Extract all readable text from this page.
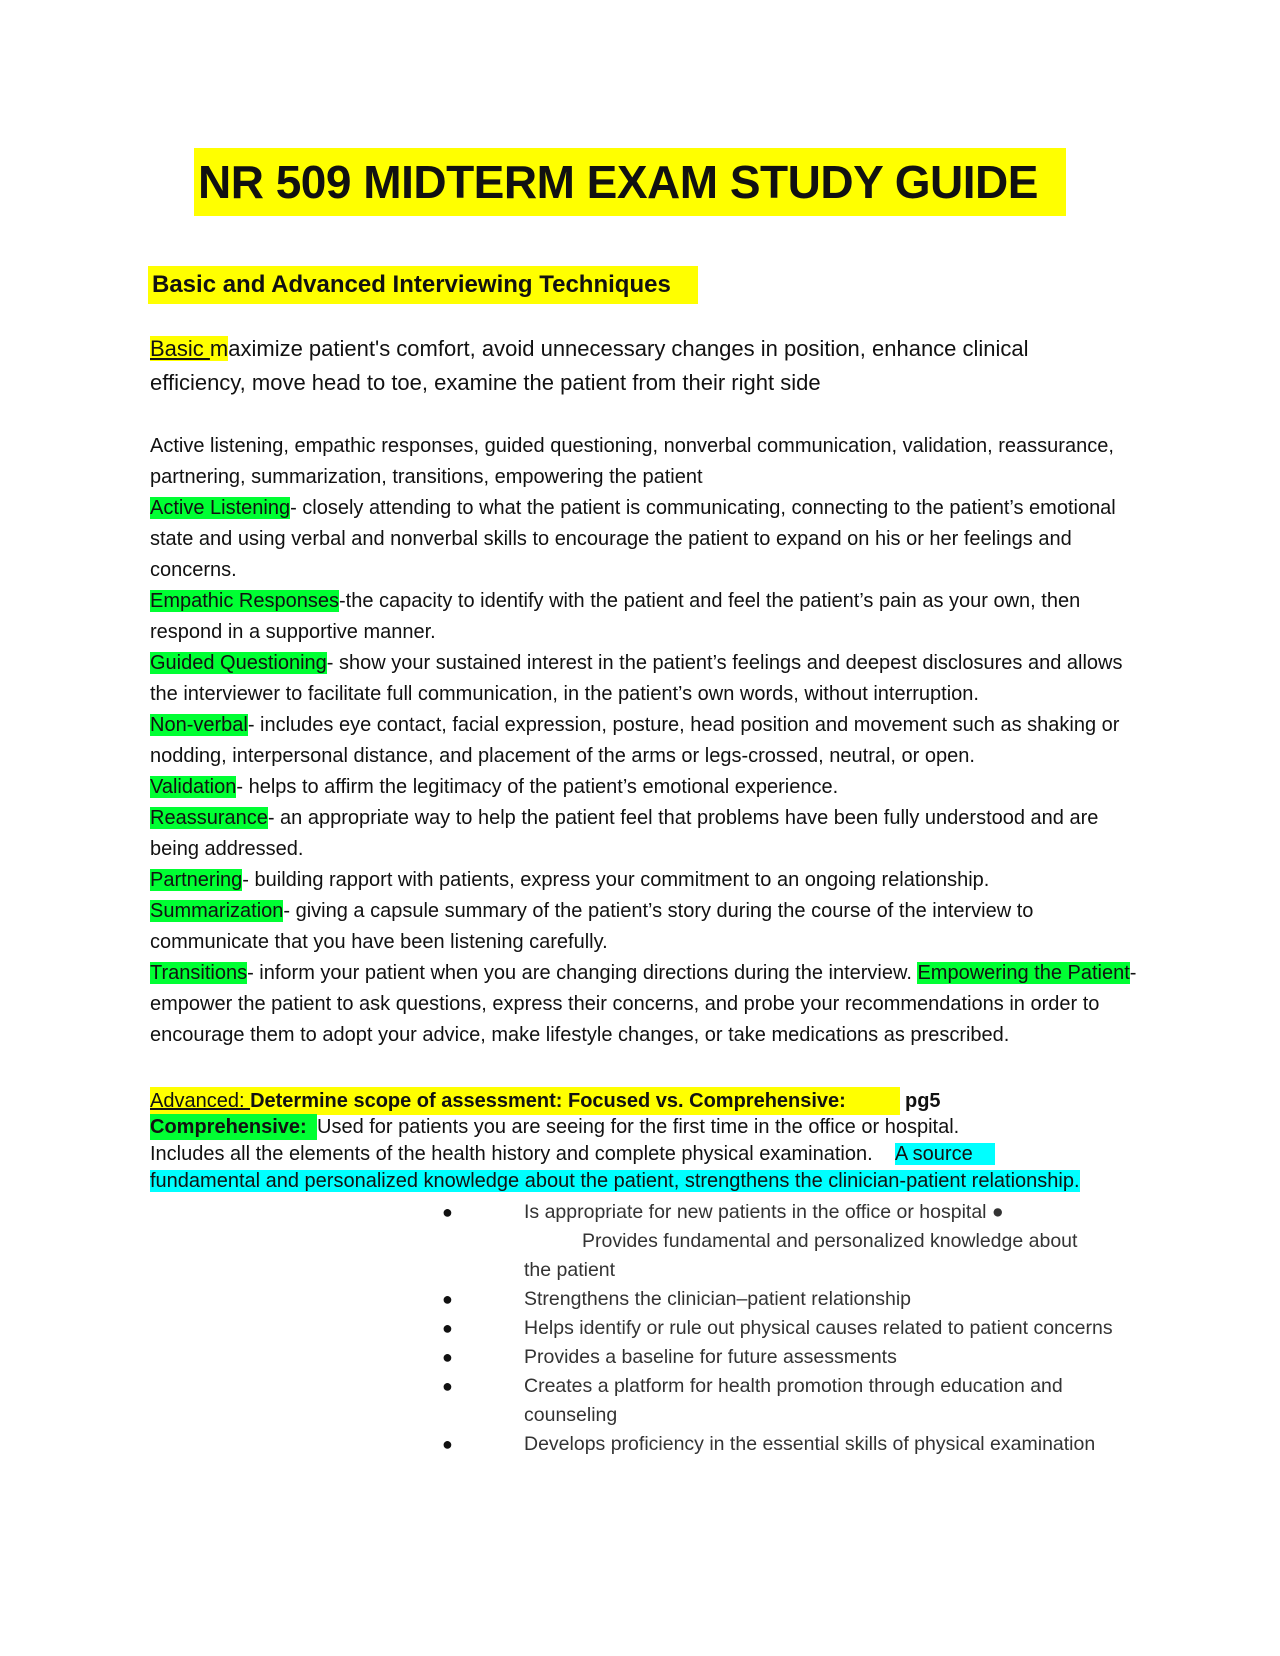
NR 509 MIDTERM EXAM STUDY GUIDE
Basic and Advanced Interviewing Techniques
Basic maximize patient's comfort, avoid unnecessary changes in position, enhance clinical efficiency, move head to toe, examine the patient from their right side

Active listening, empathic responses, guided questioning, nonverbal communication, validation, reassurance, partnering, summarization, transitions, empowering the patient

Active Listening- closely attending to what the patient is communicating, connecting to the patient’s emotional state and using verbal and nonverbal skills to encourage the patient to expand on his or her feelings and concerns.

Empathic Responses-the capacity to identify with the patient and feel the patient’s pain as your own, then respond in a supportive manner.

Guided Questioning- show your sustained interest in the patient’s feelings and deepest disclosures and allows the interviewer to facilitate full communication, in the patient’s own words, without interruption.

Non-verbal- includes eye contact, facial expression, posture, head position and movement such as shaking or nodding, interpersonal distance, and placement of the arms or legs-crossed, neutral, or open.

Validation- helps to affirm the legitimacy of the patient’s emotional experience.

Reassurance- an appropriate way to help the patient feel that problems have been fully understood and are being addressed.

Partnering- building rapport with patients, express your commitment to an ongoing relationship.

Summarization- giving a capsule summary of the patient’s story during the course of the interview to communicate that you have been listening carefully.

Transitions- inform your patient when you are changing directions during the interview. Empowering the Patient- empower the patient to ask questions, express their concerns, and probe your recommendations in order to encourage them to adopt your advice, make lifestyle changes, or take medications as prescribed.

Advanced: Determine scope of assessment: Focused vs. Comprehensive:	pg5
Comprehensive: Used for patients you are seeing for the first time in the office or hospital.
Includes all the elements of the health history and complete physical examination. A source
fundamental and personalized knowledge about the patient, strengthens the clinician-patient relationship.
●	Is appropriate for new patients in the office or hospital ●
Provides fundamental and personalized knowledge about
the patient
●	Strengthens the clinician–patient relationship
●	Helps identify or rule out physical causes related to patient concerns
●	Provides a baseline for future assessments
●	Creates a platform for health promotion through education and counseling
●	Develops proficiency in the essential skills of physical examination
